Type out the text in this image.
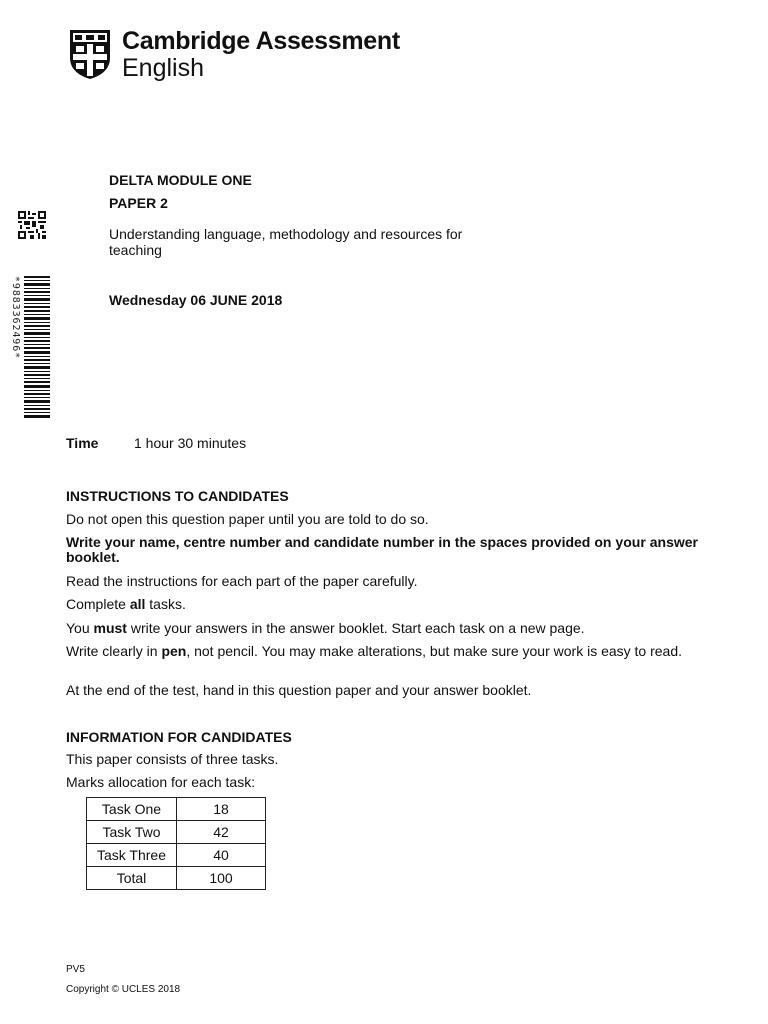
Cambridge Assessment
English
*9883362496*
DELTA MODULE ONE
PAPER 2
Understanding language, methodology and resources for teaching
Wednesday 06 JUNE 2018
Time	1 hour 30 minutes
INSTRUCTIONS TO CANDIDATES
Do not open this question paper until you are told to do so.
Write your name, centre number and candidate number in the spaces provided on your answer booklet.
Read the instructions for each part of the paper carefully.
Complete all tasks.
You must write your answers in the answer booklet. Start each task on a new page.
Write clearly in pen, not pencil. You may make alterations, but make sure your work is easy to read.
At the end of the test, hand in this question paper and your answer booklet.
INFORMATION FOR CANDIDATES
This paper consists of three tasks.
Marks allocation for each task:
Task One	18
Task Two	42
Task Three	40
Total	100
PV5
Copyright © UCLES 2018
